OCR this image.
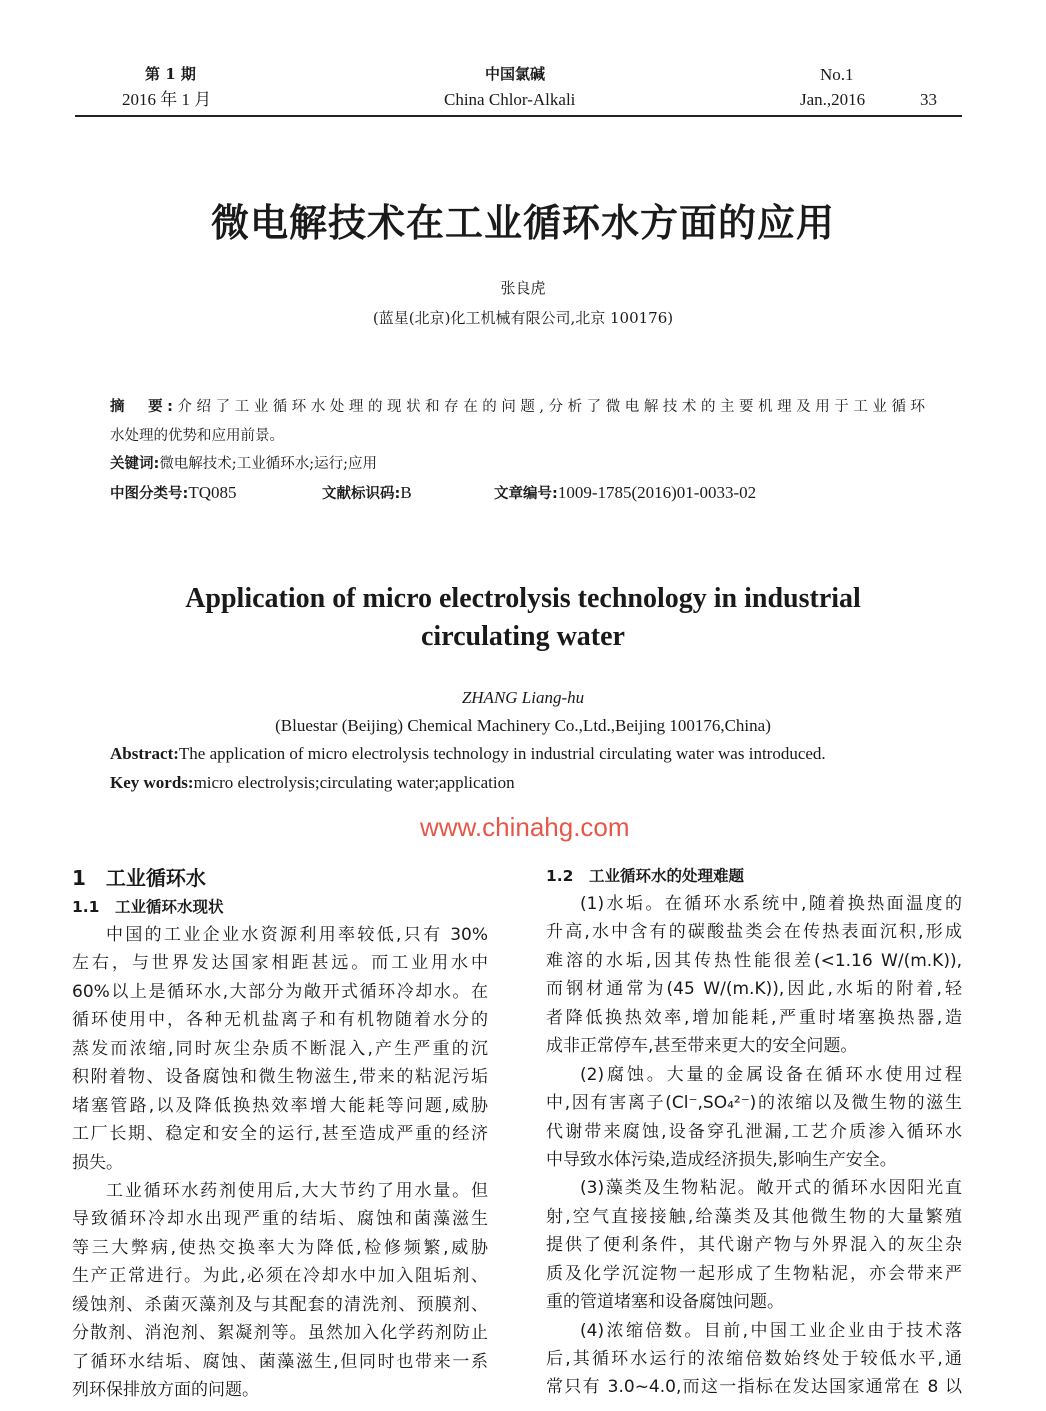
第 1 期
2016 年 1 月
中国氯碱
China Chlor-Alkali
No.1
Jan.,2016	33
微电解技术在工业循环水方面的应用
张良虎
(蓝星(北京)化工机械有限公司,北京 100176)
摘　要:介绍了工业循环水处理的现状和存在的问题,分析了微电解技术的主要机理及用于工业循环
水处理的优势和应用前景。
关键词:微电解技术;工业循环水;运行;应用
中图分类号:TQ085	文献标识码:B	文章编号:1009-1785(2016)01-0033-02
Application of micro electrolysis technology in industrial
circulating water
ZHANG Liang-hu
(Bluestar (Beijing) Chemical Machinery Co.,Ltd.,Beijing 100176,China)
Abstract:The application of micro electrolysis technology in industrial circulating water was introduced.
Key words:micro electrolysis;circulating water;application
www.chinahg.com
1　工业循环水
1.1　工业循环水现状
中国的工业企业水资源利用率较低,只有 30%
左右，与世界发达国家相距甚远。而工业用水中
60%以上是循环水,大部分为敞开式循环冷却水。在
循环使用中，各种无机盐离子和有机物随着水分的
蒸发而浓缩,同时灰尘杂质不断混入,产生严重的沉
积附着物、设备腐蚀和微生物滋生,带来的粘泥污垢
堵塞管路,以及降低换热效率增大能耗等问题,威胁
工厂长期、稳定和安全的运行,甚至造成严重的经济
损失。
工业循环水药剂使用后,大大节约了用水量。但
导致循环冷却水出现严重的结垢、腐蚀和菌藻滋生
等三大弊病,使热交换率大为降低,检修频繁,威胁
生产正常进行。为此,必须在冷却水中加入阻垢剂、
缓蚀剂、杀菌灭藻剂及与其配套的清洗剂、预膜剂、
分散剂、消泡剂、絮凝剂等。虽然加入化学药剂防止
了循环水结垢、腐蚀、菌藻滋生,但同时也带来一系
列环保排放方面的问题。
1.2　工业循环水的处理难题
(1)水垢。在循环水系统中,随着换热面温度的
升高,水中含有的碳酸盐类会在传热表面沉积,形成
难溶的水垢,因其传热性能很差(<1.16 W/(m.K)),
而钢材通常为(45 W/(m.K)),因此,水垢的附着,轻
者降低换热效率,增加能耗,严重时堵塞换热器,造
成非正常停车,甚至带来更大的安全问题。
(2)腐蚀。大量的金属设备在循环水使用过程
中,因有害离子(Cl⁻,SO₄²⁻)的浓缩以及微生物的滋生
代谢带来腐蚀,设备穿孔泄漏,工艺介质渗入循环水
中导致水体污染,造成经济损失,影响生产安全。
(3)藻类及生物粘泥。敞开式的循环水因阳光直
射,空气直接接触,给藻类及其他微生物的大量繁殖
提供了便利条件，其代谢产物与外界混入的灰尘杂
质及化学沉淀物一起形成了生物粘泥，亦会带来严
重的管道堵塞和设备腐蚀问题。
(4)浓缩倍数。目前,中国工业企业由于技术落
后,其循环水运行的浓缩倍数始终处于较低水平,通
常只有 3.0~4.0,而这一指标在发达国家通常在 8 以
